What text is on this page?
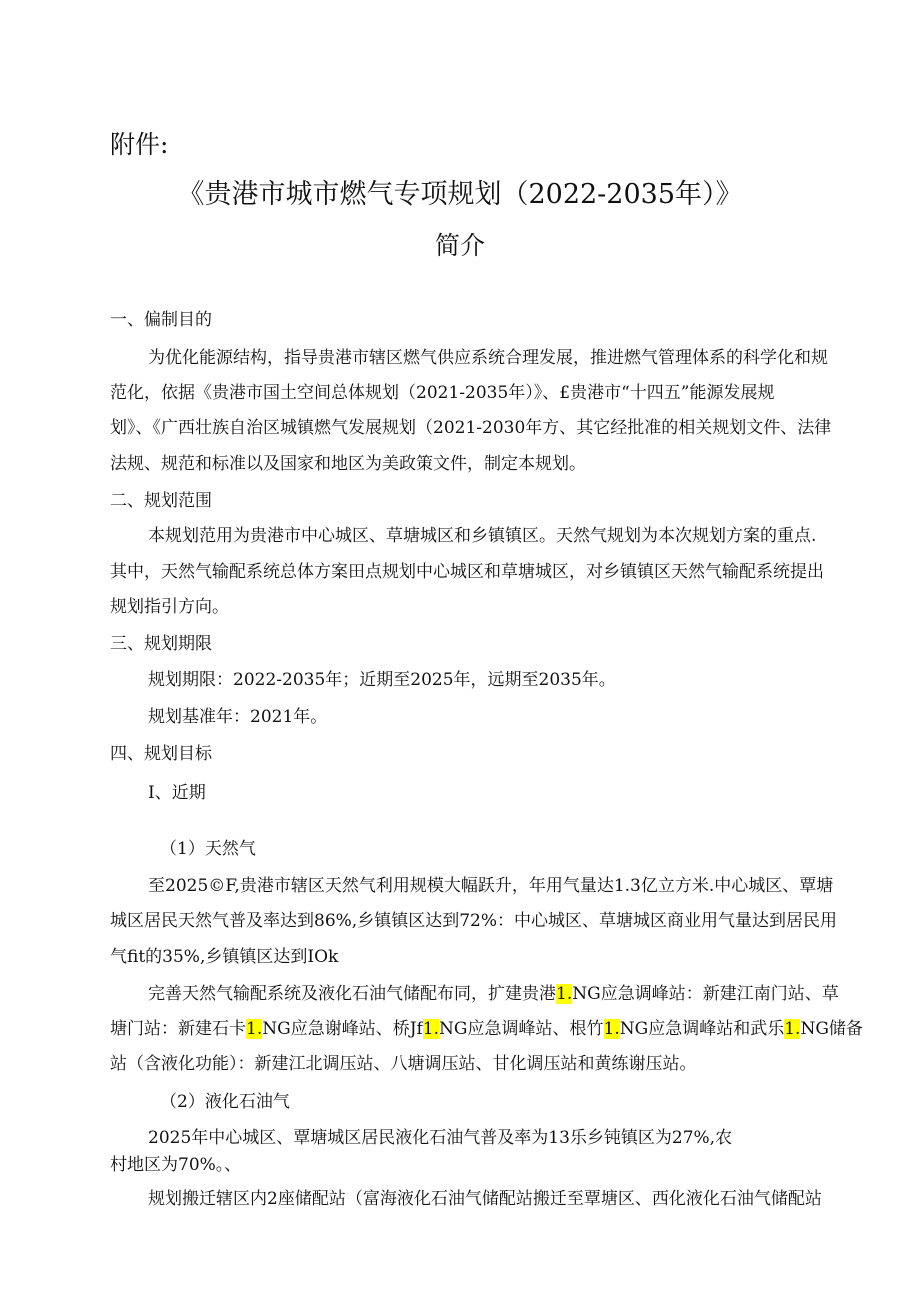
附件:
《贵港市城市燃气专项规划（2022-2035年）》
简介
一、偏制目的
为优化能源结构，指导贵港市辖区燃气供应系统合理发展，推进燃气管理体系的科学化和规
范化，依据《贵港市国土空间总体规划（2021-2035年）》、£贵港市“十四五”能源发展规
划》、《广西壮族自治区城镇燃气发展规划（2021-2030年方、其它经批准的相关规划文件、法律
法规、规范和标准以及国家和地区为美政策文件，制定本规划。
二、规划范围
本规划范用为贵港市中心城区、草塘城区和乡镇镇区。天然气规划为本次规划方案的重点.
其中，天然气输配系统总体方案田点规划中心城区和草塘城区，对乡镇镇区天然气输配系统提出
规划指引方向。
三、规划期限
规划期限：2022-2035年；近期至2025年，远期至2035年。
规划基准年：2021年。
四、规划目标
I、近期
（1）天然气
至2025©F,贵港市辖区天然气利用规模大幅跃升，年用气量达1.3亿立方米.中心城区、覃塘
城区居民天然气普及率达到86%,乡镇镇区达到72%：中心城区、草塘城区商业用气量达到居民用
气fit的35%,乡镇镇区达到IOk
完善天然气输配系统及液化石油气储配布同，扩建贵港1.NG应急调峰站：新建江南门站、草
塘门站：新建石卡1.NG应急谢峰站、桥Jf1.NG应急调峰站、根竹1.NG应急调峰站和武乐1.NG储备
站（含液化功能）：新建江北调压站、八塘调压站、甘化调压站和黄练谢压站。
（2）液化石油气
2025年中心城区、覃塘城区居民液化石油气普及率为13乐乡钝镇区为27%,农
村地区为70%。、
规划搬迁辖区内2座储配站（富海液化石油气储配站搬迁至覃塘区、西化液化石油气储配站
